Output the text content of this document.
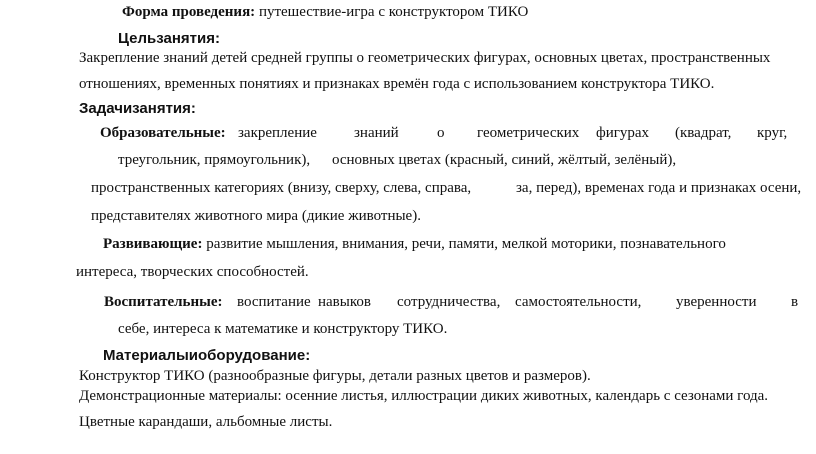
Форма проведения: путешествие-игра с конструктором ТИКО
Цельзанятия:
Закрепление знаний детей средней группы о геометрических фигурах, основных цветах, пространственных
отношениях, временных понятиях и признаках времён года с использованием конструктора ТИКО.
Задачизанятия:
Образовательные: закрепление знаний	о геометрических фигурах (квадрат, круг,
треугольник, прямоугольник), основных цветах (красный, синий, жёлтый, зелёный),
пространственных категориях (внизу, сверху, слева, справа,	за, перед), временах года и признаках осени,
представителях животного мира (дикие животные).
Развивающие: развитие мышления, внимания, речи, памяти, мелкой моторики, познавательного
интереса, творческих способностей.
Воспитательные: воспитание навыков сотрудничества, самостоятельности, уверенности в
себе, интереса к математике и конструктору ТИКО.
Материалыиоборудование:
Конструктор ТИКО (разнообразные фигуры, детали разных цветов и размеров).
Демонстрационные материалы: осенние листья, иллюстрации диких животных, календарь с сезонами года.
Цветные карандаши, альбомные листы.
